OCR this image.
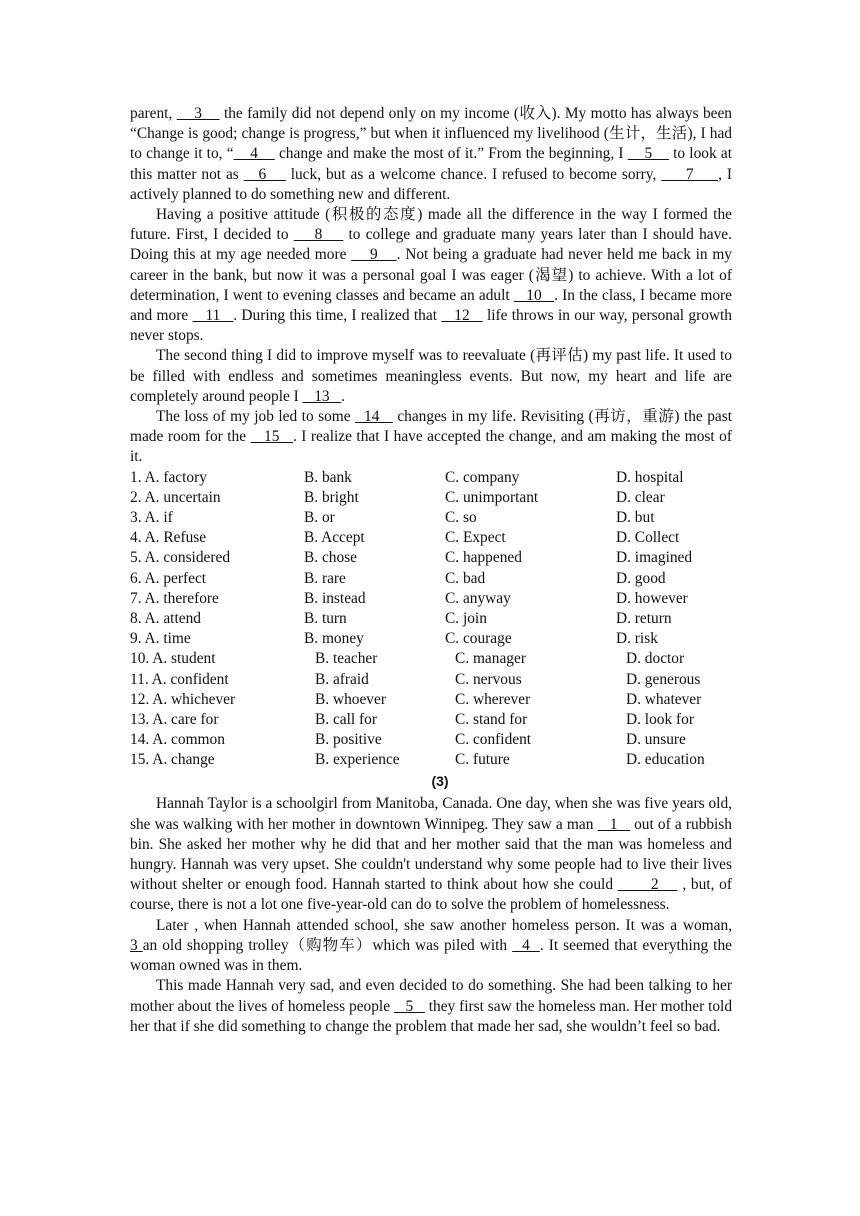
parent,     3     the family did not depend only on my income (收入). My motto has always been “Change is good; change is progress,” but when it influenced my livelihood (生计，生活), I had to change it to, “    4     change and make the most of it.” From the beginning, I     5     to look at this matter not as    6     luck, but as a welcome chance. I refused to become sorry,      7     , I actively planned to do something new and different.

Having a positive attitude (积极的态度) made all the difference in the way I formed the future. First, I decided to     8     to college and graduate many years later than I should have. Doing this at my age needed more     9    . Not being a graduate had never held me back in my career in the bank, but now it was a personal goal I was eager (渴望) to achieve. With a lot of determination, I went to evening classes and became an adult    10   . In the class, I became more and more    11   . During this time, I realized that    12    life throws in our way, personal growth never stops.

The second thing I did to improve myself was to reevaluate (再评估) my past life. It used to be filled with endless and sometimes meaningless events. But now, my heart and life are completely around people I    13   .

The loss of my job led to some   14    changes in my life. Revisiting (再访，重游) the past made room for the    15   . I realize that I have accepted the change, and am making the most of it.

1. A. factory	B. bank	C. company	D. hospital
2. A. uncertain	B. bright	C. unimportant	D. clear
3. A. if	B. or	C. so	D. but
4. A. Refuse	B. Accept	C. Expect	D. Collect
5. A. considered	B. chose	C. happened	D. imagined
6. A. perfect	B. rare	C. bad	D. good
7. A. therefore	B. instead	C. anyway	D. however
8. A. attend	B. turn	C. join	D. return
9. A. time	B. money	C. courage	D. risk
10. A. student	B. teacher	C. manager	D. doctor
11. A. confident	B. afraid	C. nervous	D. generous
12. A. whichever	B. whoever	C. wherever	D. whatever
13. A. care for	B. call for	C. stand for	D. look for
14. A. common	B. positive	C. confident	D. unsure
15. A. change	B. experience	C. future	D. education
(3)

Hannah Taylor is a schoolgirl from Manitoba, Canada. One day, when she was five years old, she was walking with her mother in downtown Winnipeg. They saw a man    1    out of a rubbish bin. She asked her mother why he did that and her mother said that the man was homeless and hungry. Hannah was very upset. She couldn't understand why some people had to live their lives without shelter or enough food. Hannah started to think about how she could        2     , but, of course, there is not a lot one five-year-old can do to solve the problem of homelessness.

Later , when Hannah attended school, she saw another homeless person. It was a woman, 3 an old shopping trolley（购物车）which was piled with   4  . It seemed that everything the woman owned was in them.

This made Hannah very sad, and even decided to do something. She had been talking to her mother about the lives of homeless people    5    they first saw the homeless man. Her mother told her that if she did something to change the problem that made her sad, she wouldn’t feel so bad.
